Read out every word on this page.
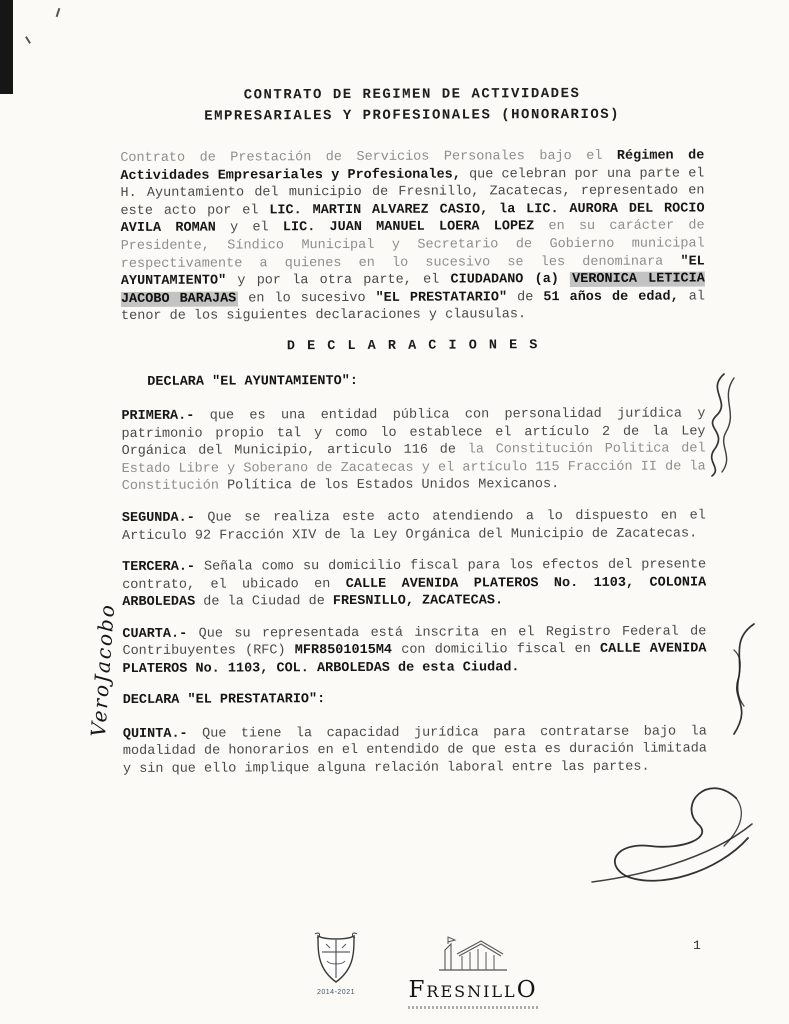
CONTRATO DE REGIMEN DE ACTIVIDADES
EMPRESARIALES Y PROFESIONALES (HONORARIOS)

Contrato de Prestación de Servicios Personales bajo el Régimen de Actividades Empresariales y Profesionales, que celebran por una parte el H. Ayuntamiento del municipio de Fresnillo, Zacatecas, representado en este acto por el LIC. MARTIN ALVAREZ CASIO, la LIC. AURORA DEL ROCIO AVILA ROMAN y el LIC. JUAN MANUEL LOERA LOPEZ en su carácter de Presidente, Síndico Municipal y Secretario de Gobierno municipal respectivamente a quienes en lo sucesivo se les denominara "EL AYUNTAMIENTO" y por la otra parte, el CIUDADANO (a) VERONICA LETICIA JACOBO BARAJAS en lo sucesivo "EL PRESTATARIO" de 51 años de edad, al tenor de los siguientes declaraciones y clausulas.

D E C L A R A C I O N E S
DECLARA "EL AYUNTAMIENTO":

PRIMERA.- que es una entidad pública con personalidad jurídica y patrimonio propio tal y como lo establece el artículo 2 de la Ley Orgánica del Municipio, articulo 116 de la Constitución Politica del Estado Libre y Soberano de Zacatecas y el artículo 115 Fracción II de la Constitución Política de los Estados Unidos Mexicanos.

SEGUNDA.- Que se realiza este acto atendiendo a lo dispuesto en el Articulo 92 Fracción XIV de la Ley Orgánica del Municipio de Zacatecas.

TERCERA.- Señala como su domicilio fiscal para los efectos del presente contrato, el ubicado en CALLE AVENIDA PLATEROS No. 1103, COLONIA ARBOLEDAS de la Ciudad de FRESNILLO, ZACATECAS.

CUARTA.- Que su representada está inscrita en el Registro Federal de Contribuyentes (RFC) MFR8501015M4 con domicilio fiscal en CALLE AVENIDA PLATEROS No. 1103, COL. ARBOLEDAS de esta Ciudad.

DECLARA "EL PRESTATARIO":

QUINTA.- Que tiene la capacidad jurídica para contratarse bajo la modalidad de honorarios en el entendido de que esta es duración limitada y sin que ello implique alguna relación laboral entre las partes.

VeroJacobo
2014-2021	FRESNILLO
1
